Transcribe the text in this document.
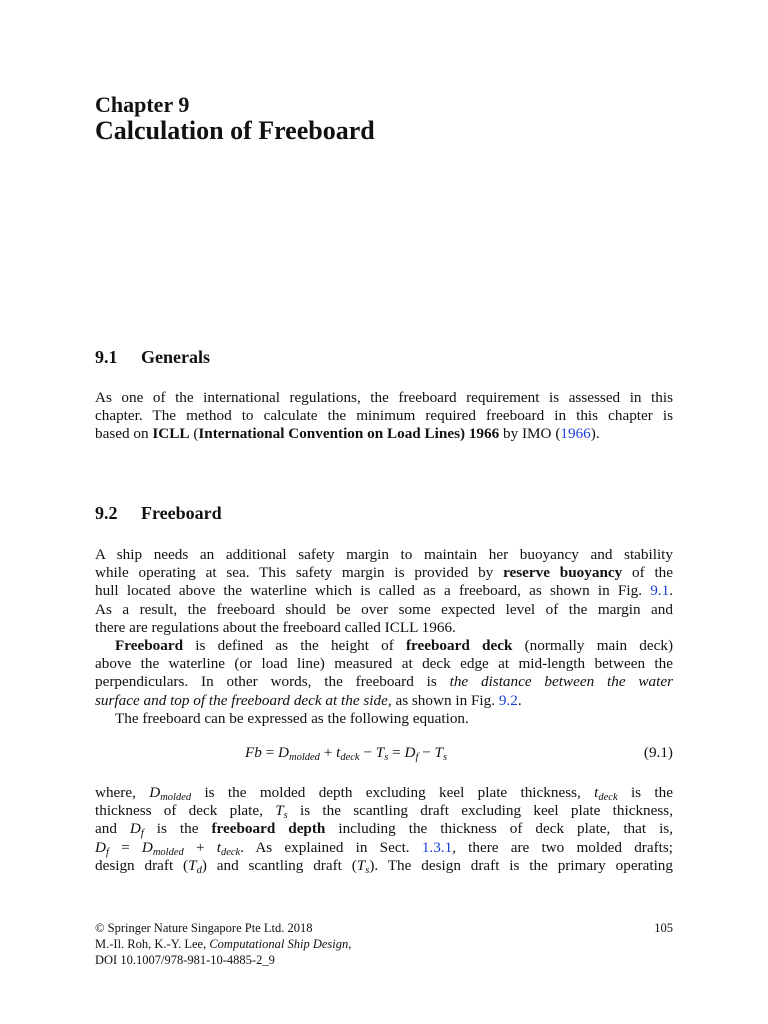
Chapter 9
Calculation of Freeboard
9.1 Generals
As one of the international regulations, the freeboard requirement is assessed in this
chapter. The method to calculate the minimum required freeboard in this chapter is
based on ICLL (International Convention on Load Lines) 1966 by IMO (1966).
9.2 Freeboard
A ship needs an additional safety margin to maintain her buoyancy and stability
while operating at sea. This safety margin is provided by reserve buoyancy of the
hull located above the waterline which is called as a freeboard, as shown in Fig. 9.1.
As a result, the freeboard should be over some expected level of the margin and
there are regulations about the freeboard called ICLL 1966.
Freeboard is defined as the height of freeboard deck (normally main deck)
above the waterline (or load line) measured at deck edge at mid-length between the
perpendiculars. In other words, the freeboard is the distance between the water
surface and top of the freeboard deck at the side, as shown in Fig. 9.2.
The freeboard can be expressed as the following equation.
$Fb = D_{molded} + t_{deck} - T_s = D_f - T_s$	(9.1)
where, $D_{molded}$ is the molded depth excluding keel plate thickness, $t_{deck}$ is the
thickness of deck plate, $T_s$ is the scantling draft excluding keel plate thickness,
and $D_f$ is the freeboard depth including the thickness of deck plate, that is,
$D_f = D_{molded} + t_{deck}$. As explained in Sect. 1.3.1, there are two molded drafts;
design draft $(T_d)$ and scantling draft $(T_s)$. The design draft is the primary operating
© Springer Nature Singapore Pte Ltd. 2018
M.-Il. Roh, K.-Y. Lee, Computational Ship Design,
DOI 10.1007/978-981-10-4885-2_9
105
